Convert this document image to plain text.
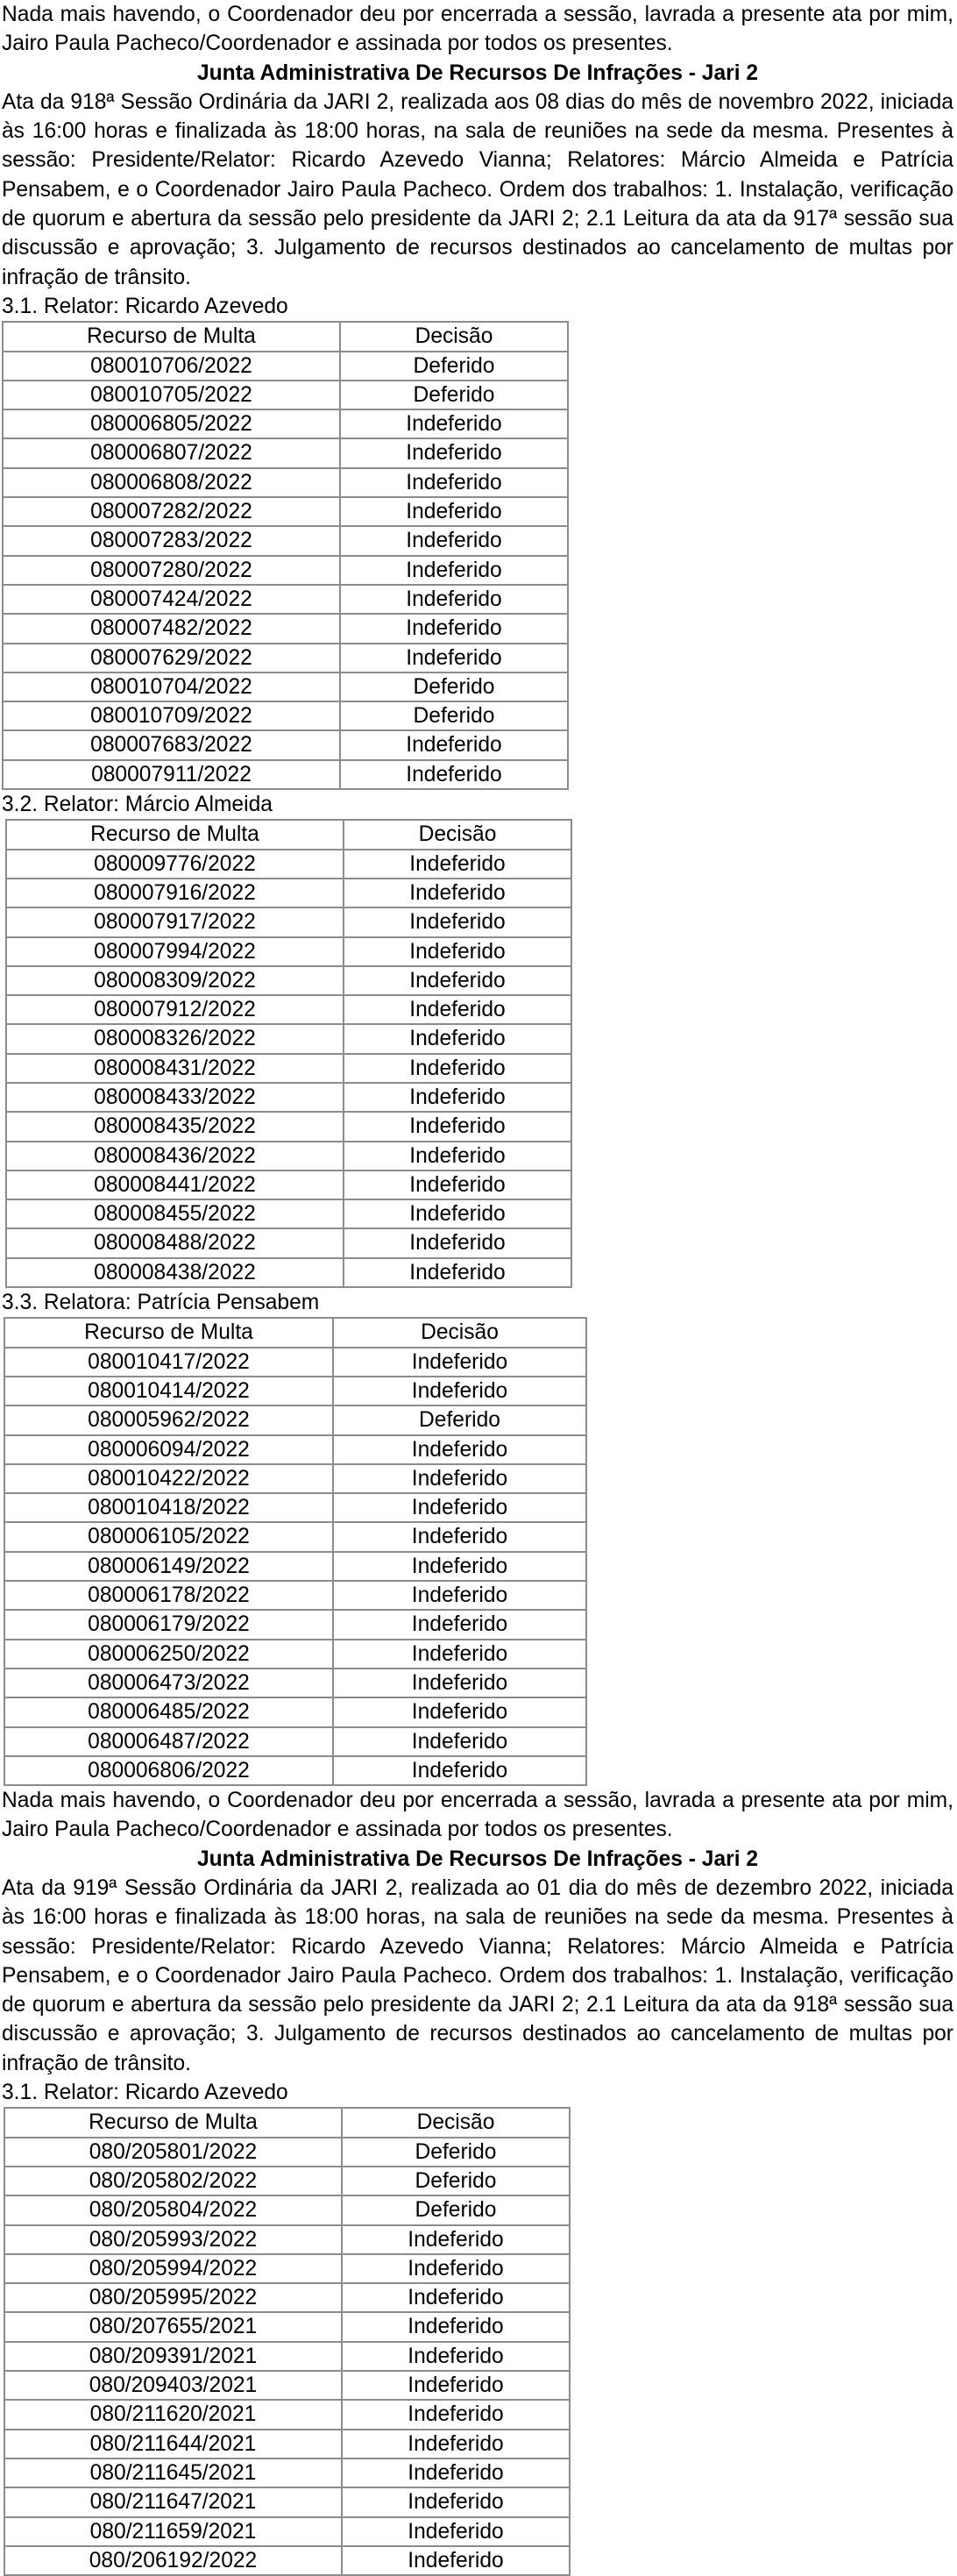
Nada mais havendo, o Coordenador deu por encerrada a sessão, lavrada a presente ata por mim, Jairo Paula Pacheco/Coordenador e assinada por todos os presentes.
Junta Administrativa De Recursos De Infrações - Jari 2
Ata da 918ª Sessão Ordinária da JARI 2, realizada aos 08 dias do mês de novembro 2022, iniciada às 16:00 horas e finalizada às 18:00 horas, na sala de reuniões na sede da mesma. Presentes à sessão: Presidente/Relator: Ricardo Azevedo Vianna; Relatores: Márcio Almeida e Patrícia Pensabem, e o Coordenador Jairo Paula Pacheco. Ordem dos trabalhos: 1. Instalação, verificação de quorum e abertura da sessão pelo presidente da JARI 2; 2.1 Leitura da ata da 917ª sessão sua discussão e aprovação; 3. Julgamento de recursos destinados ao cancelamento de multas por infração de trânsito.
3.1. Relator: Ricardo Azevedo
Recurso de Multa	Decisão
080010706/2022	Deferido
080010705/2022	Deferido
080006805/2022	Indeferido
080006807/2022	Indeferido
080006808/2022	Indeferido
080007282/2022	Indeferido
080007283/2022	Indeferido
080007280/2022	Indeferido
080007424/2022	Indeferido
080007482/2022	Indeferido
080007629/2022	Indeferido
080010704/2022	Deferido
080010709/2022	Deferido
080007683/2022	Indeferido
080007911/2022	Indeferido
3.2. Relator: Márcio Almeida
Recurso de Multa	Decisão
080009776/2022	Indeferido
080007916/2022	Indeferido
080007917/2022	Indeferido
080007994/2022	Indeferido
080008309/2022	Indeferido
080007912/2022	Indeferido
080008326/2022	Indeferido
080008431/2022	Indeferido
080008433/2022	Indeferido
080008435/2022	Indeferido
080008436/2022	Indeferido
080008441/2022	Indeferido
080008455/2022	Indeferido
080008488/2022	Indeferido
080008438/2022	Indeferido
3.3. Relatora: Patrícia Pensabem
Recurso de Multa	Decisão
080010417/2022	Indeferido
080010414/2022	Indeferido
080005962/2022	Deferido
080006094/2022	Indeferido
080010422/2022	Indeferido
080010418/2022	Indeferido
080006105/2022	Indeferido
080006149/2022	Indeferido
080006178/2022	Indeferido
080006179/2022	Indeferido
080006250/2022	Indeferido
080006473/2022	Indeferido
080006485/2022	Indeferido
080006487/2022	Indeferido
080006806/2022	Indeferido
Nada mais havendo, o Coordenador deu por encerrada a sessão, lavrada a presente ata por mim, Jairo Paula Pacheco/Coordenador e assinada por todos os presentes.
Junta Administrativa De Recursos De Infrações - Jari 2
Ata da 919ª Sessão Ordinária da JARI 2, realizada ao 01 dia do mês de dezembro 2022, iniciada às 16:00 horas e finalizada às 18:00 horas, na sala de reuniões na sede da mesma. Presentes à sessão: Presidente/Relator: Ricardo Azevedo Vianna; Relatores: Márcio Almeida e Patrícia Pensabem, e o Coordenador Jairo Paula Pacheco. Ordem dos trabalhos: 1. Instalação, verificação de quorum e abertura da sessão pelo presidente da JARI 2; 2.1 Leitura da ata da 918ª sessão sua discussão e aprovação; 3. Julgamento de recursos destinados ao cancelamento de multas por infração de trânsito.
3.1. Relator: Ricardo Azevedo
Recurso de Multa	Decisão
080/205801/2022	Deferido
080/205802/2022	Deferido
080/205804/2022	Deferido
080/205993/2022	Indeferido
080/205994/2022	Indeferido
080/205995/2022	Indeferido
080/207655/2021	Indeferido
080/209391/2021	Indeferido
080/209403/2021	Indeferido
080/211620/2021	Indeferido
080/211644/2021	Indeferido
080/211645/2021	Indeferido
080/211647/2021	Indeferido
080/211659/2021	Indeferido
080/206192/2022	Indeferido
